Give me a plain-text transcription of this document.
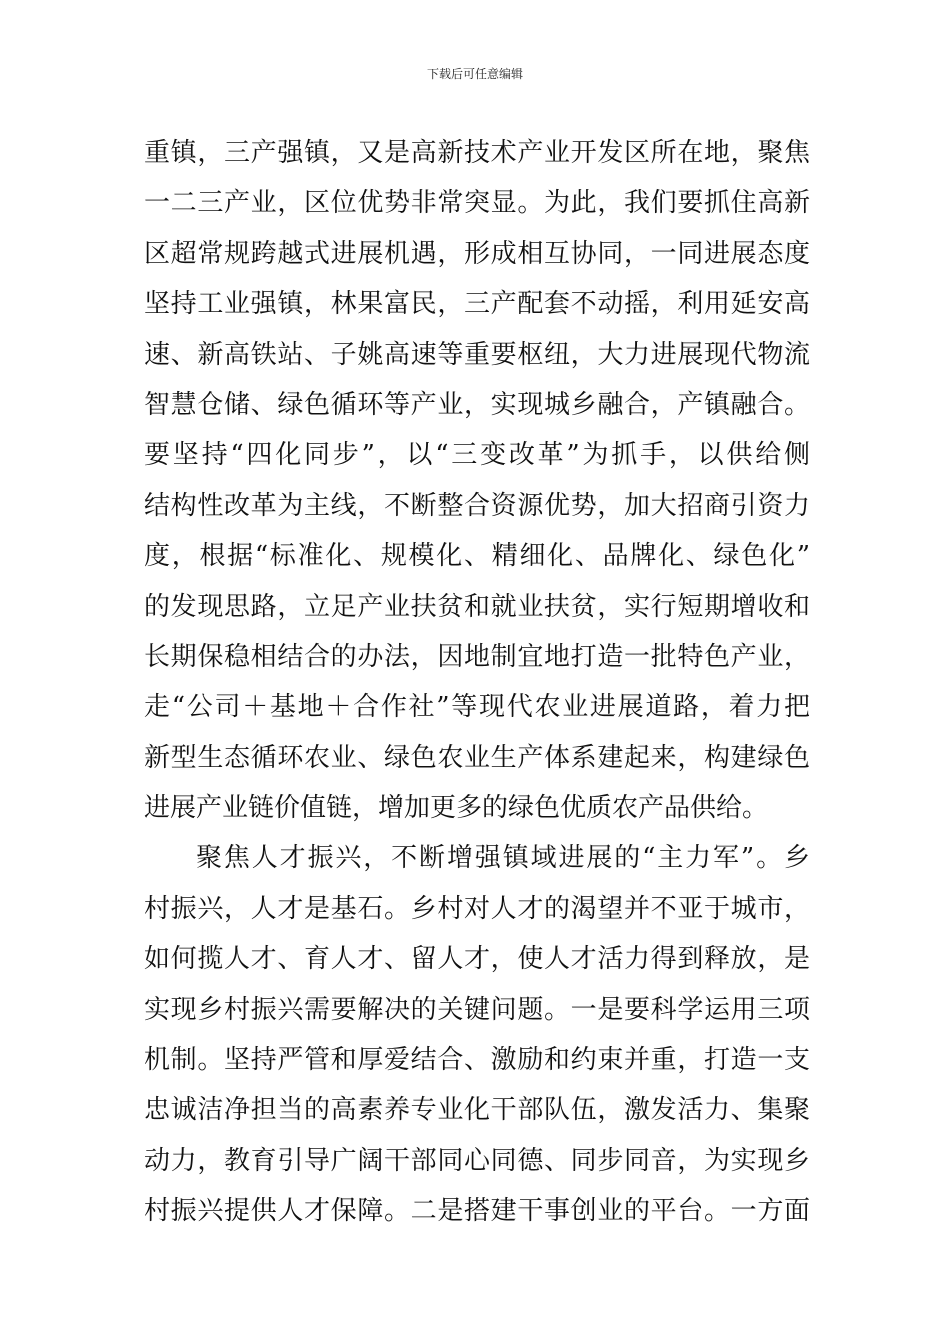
下载后可任意编辑
重镇，三产强镇，又是高新技术产业开发区所在地，聚焦
一二三产业，区位优势非常突显。为此，我们要抓住高新
区超常规跨越式进展机遇，形成相互协同，一同进展态度
坚持工业强镇，林果富民，三产配套不动摇，利用延安高
速、新高铁站、子姚高速等重要枢纽，大力进展现代物流
智慧仓储、绿色循环等产业，实现城乡融合，产镇融合。
要坚持“四化同步”，以“三变改革”为抓手，以供给侧
结构性改革为主线，不断整合资源优势，加大招商引资力
度，根据“标准化、规模化、精细化、品牌化、绿色化”
的发现思路，立足产业扶贫和就业扶贫，实行短期增收和
长期保稳相结合的办法，因地制宜地打造一批特色产业，
走“公司＋基地＋合作社”等现代农业进展道路，着力把
新型生态循环农业、绿色农业生产体系建起来，构建绿色
进展产业链价值链，增加更多的绿色优质农产品供给。
聚焦人才振兴，不断增强镇域进展的“主力军”。乡
村振兴，人才是基石。乡村对人才的渴望并不亚于城市，
如何揽人才、育人才、留人才，使人才活力得到释放，是
实现乡村振兴需要解决的关键问题。一是要科学运用三项
机制。坚持严管和厚爱结合、激励和约束并重，打造一支
忠诚洁净担当的高素养专业化干部队伍，激发活力、集聚
动力，教育引导广阔干部同心同德、同步同音，为实现乡
村振兴提供人才保障。二是搭建干事创业的平台。一方面
